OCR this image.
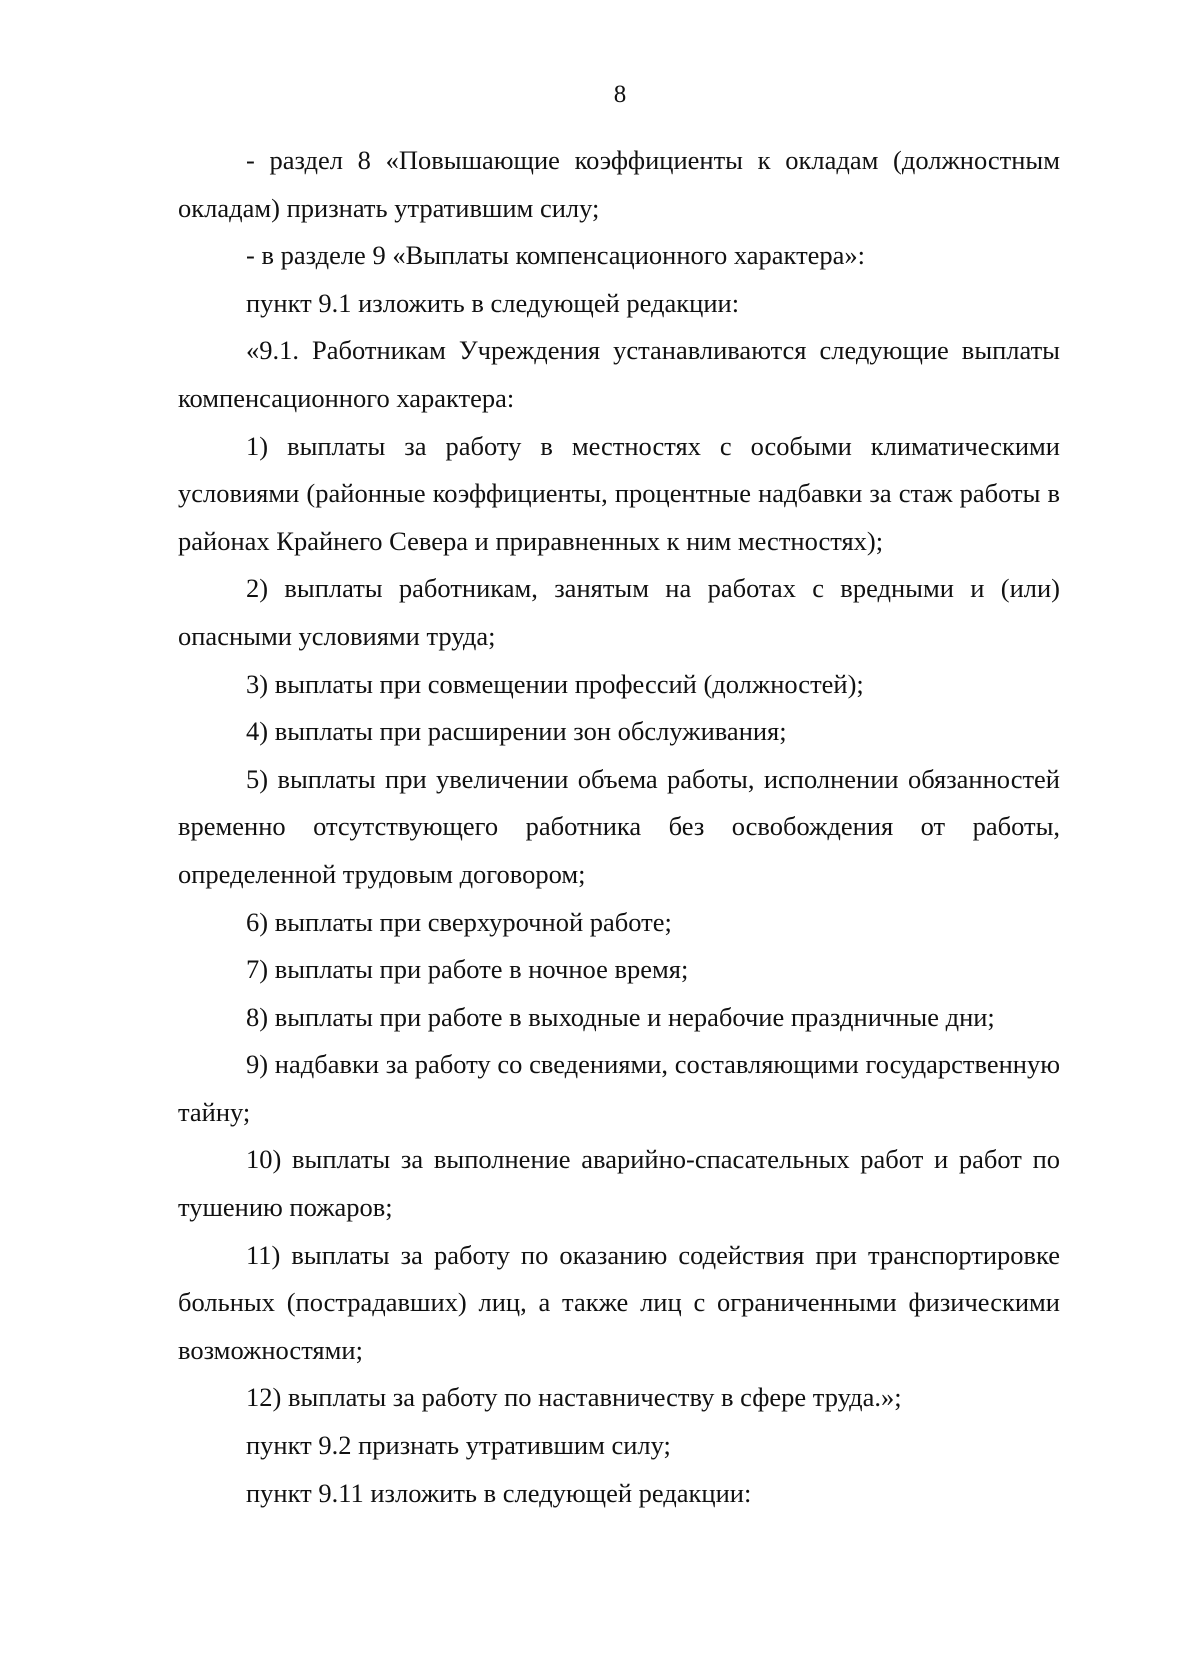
8

- раздел 8 «Повышающие коэффициенты к окладам (должностным окладам) признать утратившим силу;

- в разделе 9 «Выплаты компенсационного характера»:

пункт 9.1 изложить в следующей редакции:

«9.1. Работникам Учреждения устанавливаются следующие выплаты компенсационного характера:

1) выплаты за работу в местностях с особыми климатическими условиями (районные коэффициенты, процентные надбавки за стаж работы в районах Крайнего Севера и приравненных к ним местностях);

2) выплаты работникам, занятым на работах с вредными и (или) опасными условиями труда;

3) выплаты при совмещении профессий (должностей);

4) выплаты при расширении зон обслуживания;

5) выплаты при увеличении объема работы, исполнении обязанностей временно отсутствующего работника без освобождения от работы, определенной трудовым договором;

6) выплаты при сверхурочной работе;

7) выплаты при работе в ночное время;

8) выплаты при работе в выходные и нерабочие праздничные дни;

9) надбавки за работу со сведениями, составляющими государственную тайну;

10) выплаты за выполнение аварийно-спасательных работ и работ по тушению пожаров;

11) выплаты за работу по оказанию содействия при транспортировке больных (пострадавших) лиц, а также лиц с ограниченными физическими возможностями;

12) выплаты за работу по наставничеству в сфере труда.»;

пункт 9.2 признать утратившим силу;

пункт 9.11 изложить в следующей редакции:
